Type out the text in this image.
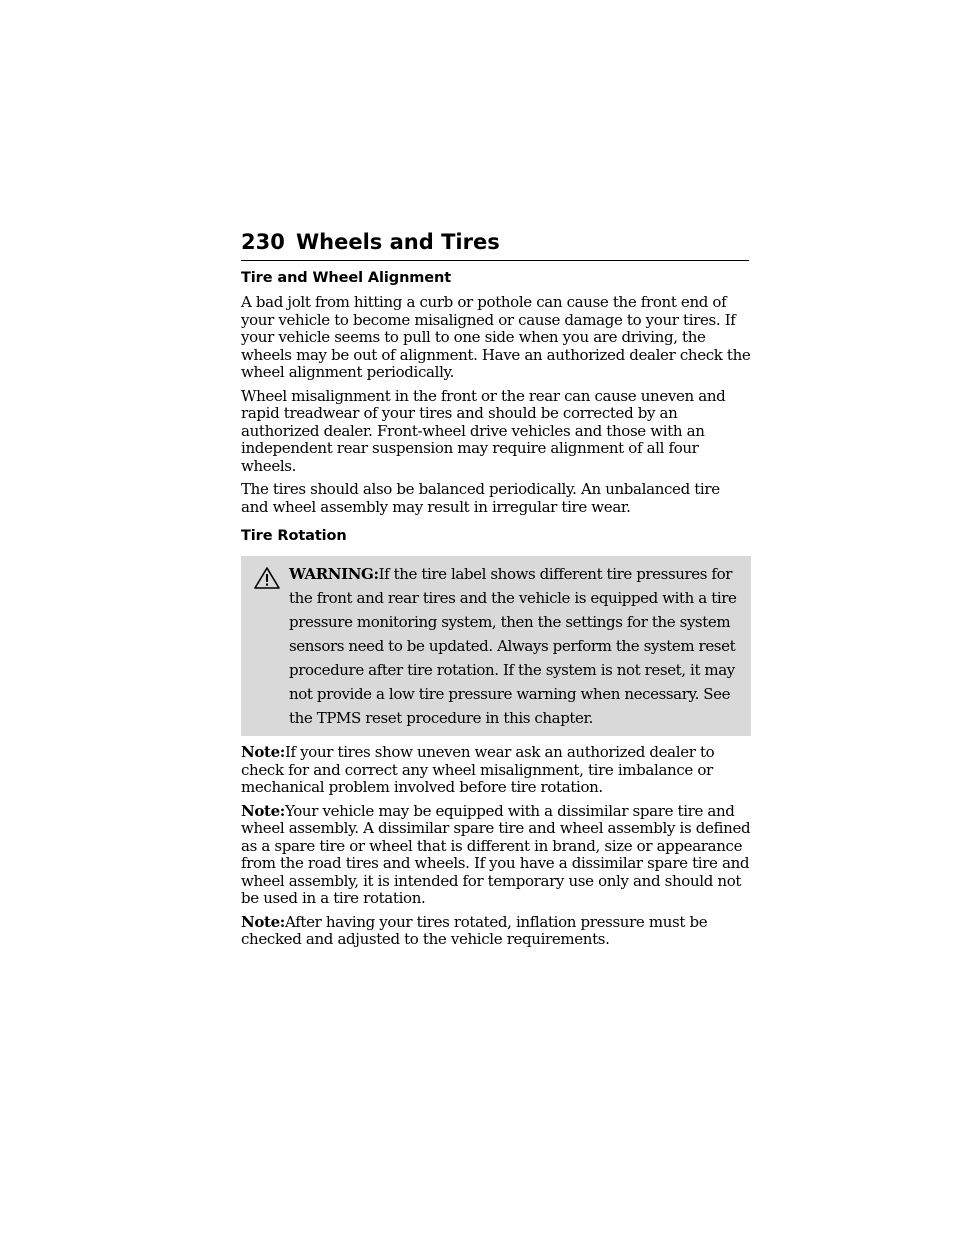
230 Wheels and Tires
Tire and Wheel Alignment

A bad jolt from hitting a curb or pothole can cause the front end of your vehicle to become misaligned or cause damage to your tires. If your vehicle seems to pull to one side when you are driving, the wheels may be out of alignment. Have an authorized dealer check the wheel alignment periodically.

Wheel misalignment in the front or the rear can cause uneven and rapid treadwear of your tires and should be corrected by an authorized dealer. Front-wheel drive vehicles and those with an independent rear suspension may require alignment of all four wheels.

The tires should also be balanced periodically. An unbalanced tire and wheel assembly may result in irregular tire wear.

Tire Rotation

WARNING:If the tire label shows different tire pressures for the front and rear tires and the vehicle is equipped with a tire pressure monitoring system, then the settings for the system sensors need to be updated. Always perform the system reset procedure after tire rotation. If the system is not reset, it may not provide a low tire pressure warning when necessary. See the TPMS reset procedure in this chapter.

Note:If your tires show uneven wear ask an authorized dealer to check for and correct any wheel misalignment, tire imbalance or mechanical problem involved before tire rotation.

Note:Your vehicle may be equipped with a dissimilar spare tire and wheel assembly. A dissimilar spare tire and wheel assembly is defined as a spare tire or wheel that is different in brand, size or appearance from the road tires and wheels. If you have a dissimilar spare tire and wheel assembly, it is intended for temporary use only and should not be used in a tire rotation.

Note:After having your tires rotated, inflation pressure must be checked and adjusted to the vehicle requirements.
